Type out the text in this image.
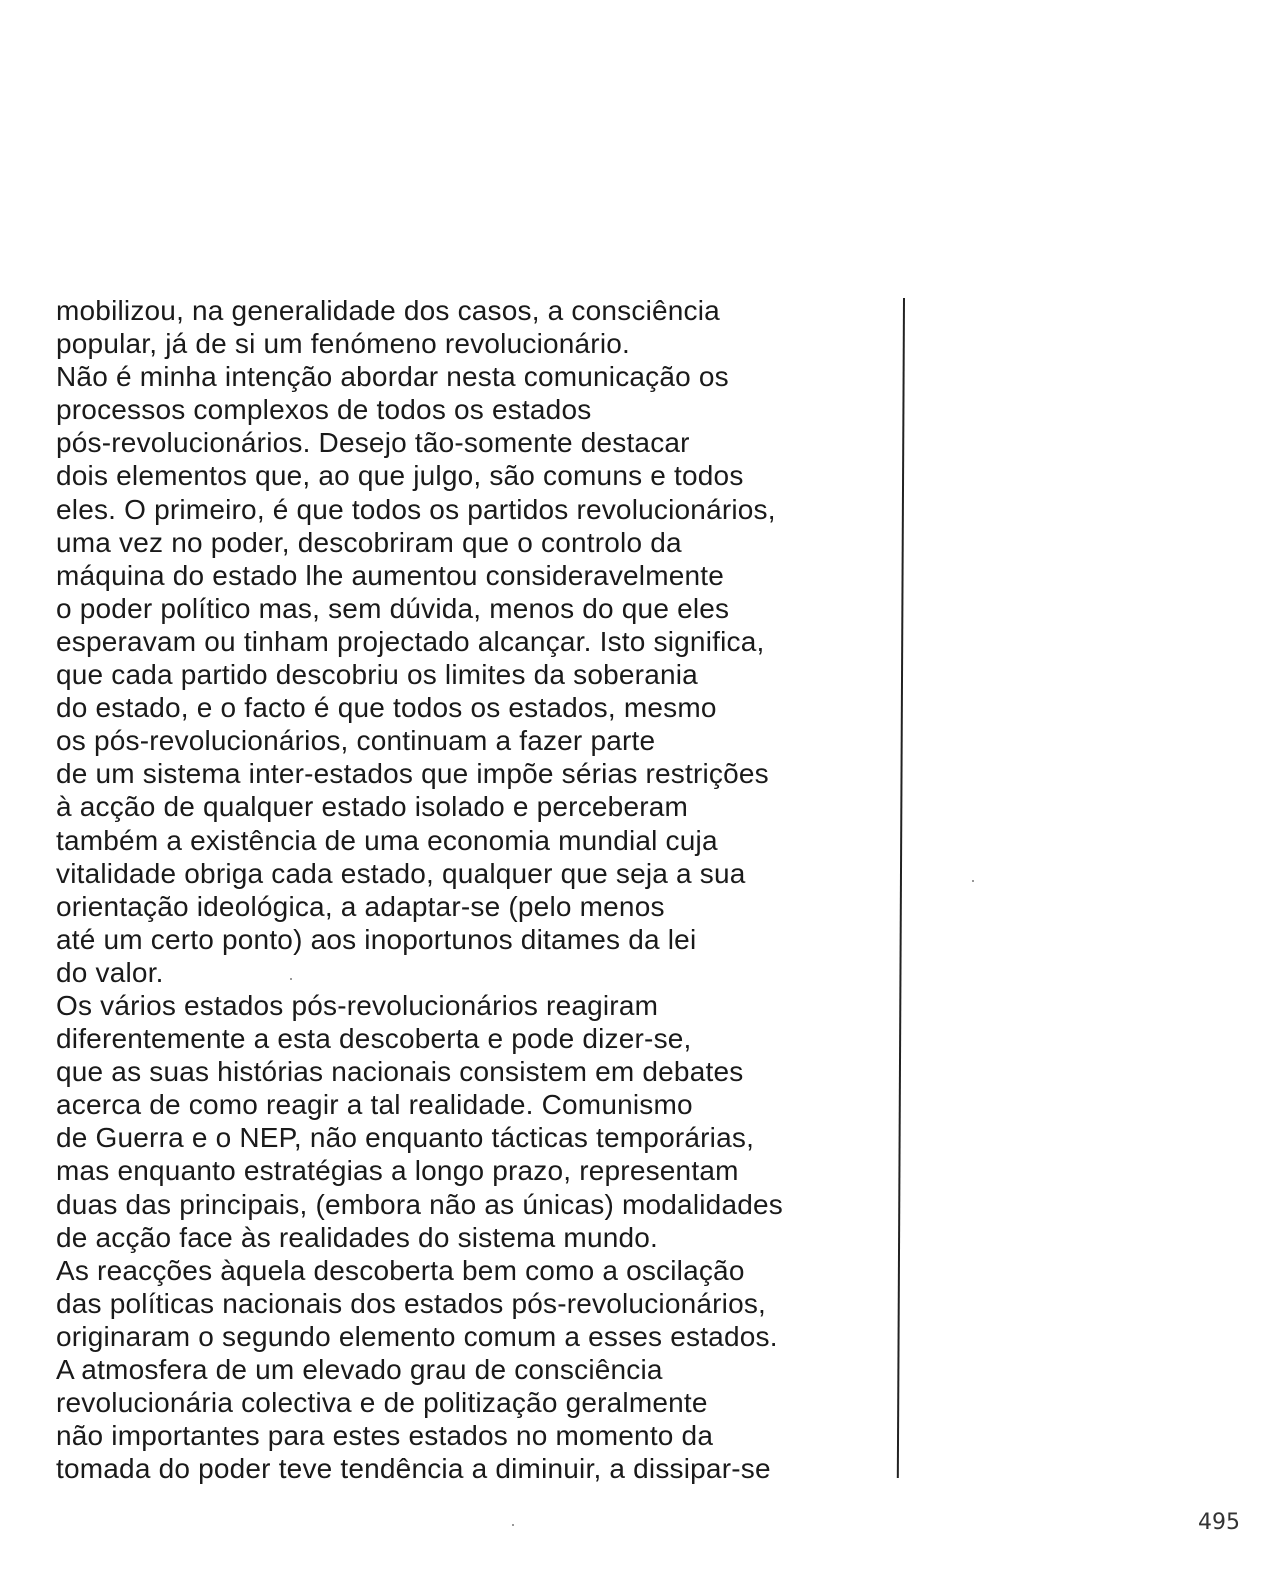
mobilizou, na generalidade dos casos, a consciência
popular, já de si um fenómeno revolucionário.
Não é minha intenção abordar nesta comunicação os
processos complexos de todos os estados
pós-revolucionários. Desejo tão-somente destacar
dois elementos que, ao que julgo, são comuns e todos
eles. O primeiro, é que todos os partidos revolucionários,
uma vez no poder, descobriram que o controlo da
máquina do estado lhe aumentou consideravelmente
o poder político mas, sem dúvida, menos do que eles
esperavam ou tinham projectado alcançar. Isto significa,
que cada partido descobriu os limites da soberania
do estado, e o facto é que todos os estados, mesmo
os pós-revolucionários, continuam a fazer parte
de um sistema inter-estados que impõe sérias restrições
à acção de qualquer estado isolado e perceberam
também a existência de uma economia mundial cuja
vitalidade obriga cada estado, qualquer que seja a sua
orientação ideológica, a adaptar-se (pelo menos
até um certo ponto) aos inoportunos ditames da lei
do valor.
Os vários estados pós-revolucionários reagiram
diferentemente a esta descoberta e pode dizer-se,
que as suas histórias nacionais consistem em debates
acerca de como reagir a tal realidade. Comunismo
de Guerra e o NEP, não enquanto tácticas temporárias,
mas enquanto estratégias a longo prazo, representam
duas das principais, (embora não as únicas) modalidades
de acção face às realidades do sistema mundo.
As reacções àquela descoberta bem como a oscilação
das políticas nacionais dos estados pós-revolucionários,
originaram o segundo elemento comum a esses estados.
A atmosfera de um elevado grau de consciência
revolucionária colectiva e de politização geralmente
não importantes para estes estados no momento da
tomada do poder teve tendência a diminuir, a dissipar-se
495
